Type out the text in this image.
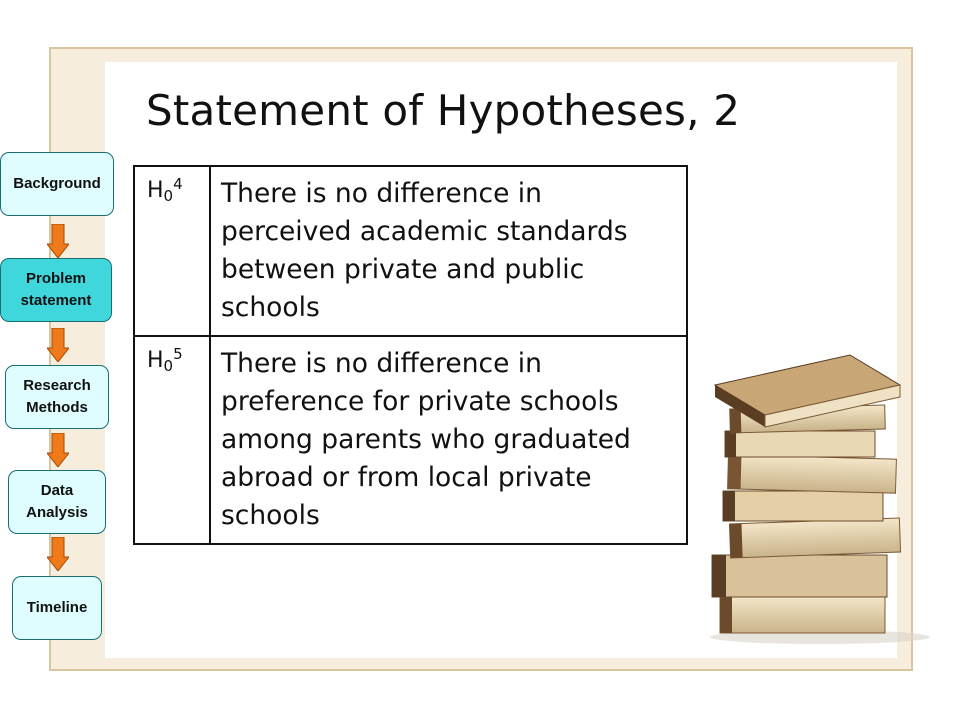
Statement of Hypotheses, 2
$H_0^4$	There is no difference in perceived academic standards between private and public schools
$H_0^5$	There is no difference in preference for private schools among parents who graduated abroad or from local private schools
Background
Problem statement
Research Methods
Data Analysis
Timeline
